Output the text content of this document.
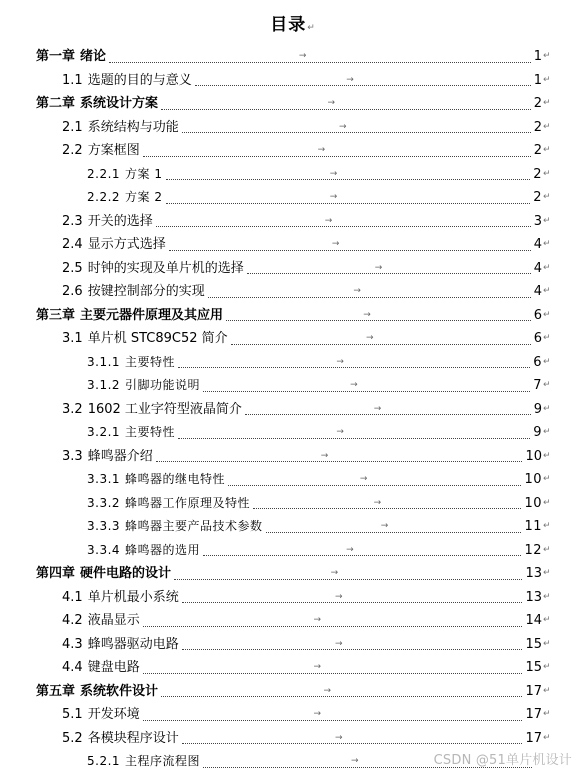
目录↵
第一章 绪论	→	1 ↵
1.1 选题的目的与意义	→	1 ↵
第二章 系统设计方案	→	2 ↵
2.1 系统结构与功能	→	2 ↵
2.2 方案框图	→	2 ↵
2.2.1 方案 1	→	2 ↵
2.2.2 方案 2	→	2 ↵
2.3 开关的选择	→	3 ↵
2.4 显示方式选择	→	4 ↵
2.5 时钟的实现及单片机的选择	→	4 ↵
2.6 按键控制部分的实现	→	4 ↵
第三章 主要元器件原理及其应用	→	6 ↵
3.1 单片机 STC89C52 简介	→	6 ↵
3.1.1 主要特性	→	6 ↵
3.1.2 引脚功能说明	→	7 ↵
3.2 1602 工业字符型液晶简介	→	9 ↵
3.2.1 主要特性	→	9 ↵
3.3 蜂鸣器介绍	→	10 ↵
3.3.1 蜂鸣器的继电特性	→	10 ↵
3.3.2 蜂鸣器工作原理及特性	→	10 ↵
3.3.3 蜂鸣器主要产品技术参数	→	11 ↵
3.3.4 蜂鸣器的选用	→	12 ↵
第四章 硬件电路的设计	→	13 ↵
4.1 单片机最小系统	→	13 ↵
4.2 液晶显示	→	14 ↵
4.3 蜂鸣器驱动电路	→	15 ↵
4.4 键盘电路	→	15 ↵
第五章 系统软件设计	→	17 ↵
5.1 开发环境	→	17 ↵
5.2 各模块程序设计	→	17 ↵
5.2.1 主程序流程图	→	CSDN @51单片机设计
